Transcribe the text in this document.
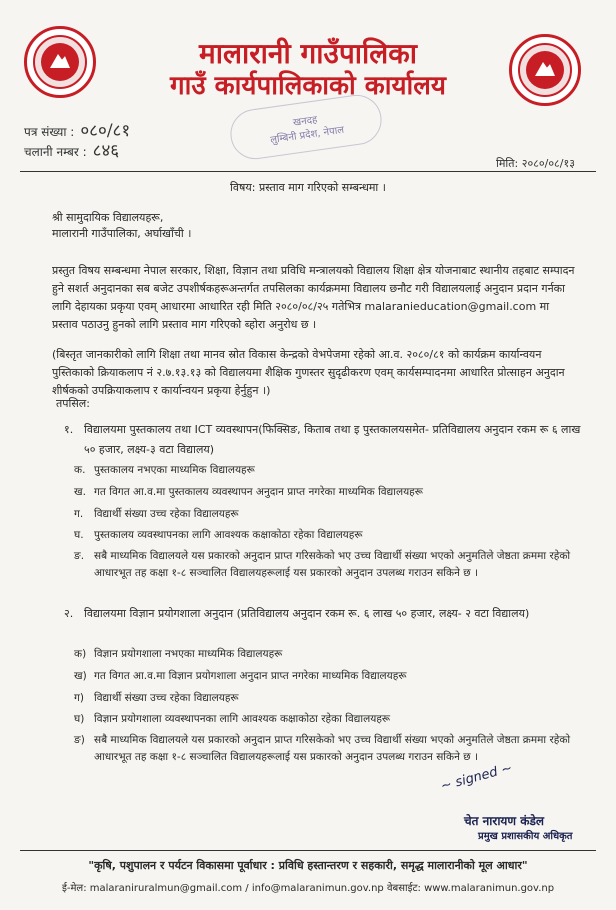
मालारानी गाउँपालिका
गाउँ कार्यपालिकाको कार्यालय
पत्र संख्या : ०८०/८१
चलानी नम्बर : ८४६
खनदह
लुम्बिनी प्रदेश, नेपाल
मिति: २०८०/०८/१३
विषय: प्रस्ताव माग गरिएको सम्बन्धमा ।
श्री सामुदायिक विद्यालयहरू,
मालारानी गाउँपालिका, अर्घाखाँची ।
प्रस्तुत विषय सम्बन्धमा नेपाल सरकार, शिक्षा, विज्ञान तथा प्रविधि मन्त्रालयको विद्यालय शिक्षा क्षेत्र योजनाबाट स्थानीय तहबाट सम्पादन हुने सशर्त अनुदानका सब बजेट उपशीर्षकहरूअन्तर्गत तपसिलका कार्यक्रममा विद्यालय छनौट गरी विद्यालयलाई अनुदान प्रदान गर्नका लागि देहायका प्रकृया एवम् आधारमा आधारित रही मिति २०८०/०८/२५ गतेभित्र malaranieducation@gmail.com मा प्रस्ताव पठाउनु हुनको लागि प्रस्ताव माग गरिएको ब्होरा अनुरोध छ ।
(बिस्तृत जानकारीको लागि शिक्षा तथा मानव स्रोत विकास केन्द्रको वेभपेजमा रहेको आ.व. २०८०/८१ को कार्यक्रम कार्यान्वयन पुस्तिकाको क्रियाकलाप नं २.७.१३.१३ को विद्यालयमा शैक्षिक गुणस्तर सुदृढीकरण एवम् कार्यसम्पादनमा आधारित प्रोत्साहन अनुदान शीर्षकको उपक्रियाकलाप र कार्यान्वयन प्रकृया हेर्नुहुन ।)
तपसिल:
१. विद्यालयमा पुस्तकालय तथा ICT व्यवस्थापन(फिक्सिङ, किताब तथा इ पुस्तकालयसमेत- प्रतिविद्यालय अनुदान रकम रू ६ लाख ५० हजार, लक्ष्य-३ वटा विद्यालय)
क. पुस्तकालय नभएका माध्यमिक विद्यालयहरू
ख. गत विगत आ.व.मा पुस्तकालय व्यवस्थापन अनुदान प्राप्त नगरेका माध्यमिक विद्यालयहरू
ग. विद्यार्थी संख्या उच्च रहेका विद्यालयहरू
घ. पुस्तकालय व्यवस्थापनका लागि आवश्यक कक्षाकोठा रहेका विद्यालयहरू
ङ. सबै माध्यमिक विद्यालयले यस प्रकारको अनुदान प्राप्त गरिसकेको भए उच्च विद्यार्थी संख्या भएको अनुमतिले जेष्ठता क्रममा रहेको आधारभूत तह कक्षा १-८ सञ्चालित विद्यालयहरूलाई यस प्रकारको अनुदान उपलब्ध गराउन सकिने छ ।
२. विद्यालयमा विज्ञान प्रयोगशाला अनुदान (प्रतिविद्यालय अनुदान रकम रू. ६ लाख ५० हजार, लक्ष्य- २ वटा विद्यालय)
क) विज्ञान प्रयोगशाला नभएका माध्यमिक विद्यालयहरू
ख) गत विगत आ.व.मा विज्ञान प्रयोगशाला अनुदान प्राप्त नगरेका माध्यमिक विद्यालयहरू
ग) विद्यार्थी संख्या उच्च रहेका विद्यालयहरू
घ) विज्ञान प्रयोगशाला व्यवस्थापनका लागि आवश्यक कक्षाकोठा रहेका विद्यालयहरू
ङ) सबै माध्यमिक विद्यालयले यस प्रकारको अनुदान प्राप्त गरिसकेको भए उच्च विद्यार्थी संख्या भएको अनुमतिले जेष्ठता क्रममा रहेको आधारभूत तह कक्षा १-८ सञ्चालित विद्यालयहरूलाई यस प्रकारको अनुदान उपलब्ध गराउन सकिने छ ।
~ signed ~
चेत नारायण कंडेल
प्रमुख प्रशासकीय अधिकृत
"कृषि, पशुपालन र पर्यटन विकासमा पूर्वाधार : प्रविधि हस्तान्तरण र सहकारी, समृद्ध मालारानीको मूल आधार"
ई-मेल: malaraniruralmun@gmail.com / info@malaranimun.gov.np वेबसाईट: www.malaranimun.gov.np
